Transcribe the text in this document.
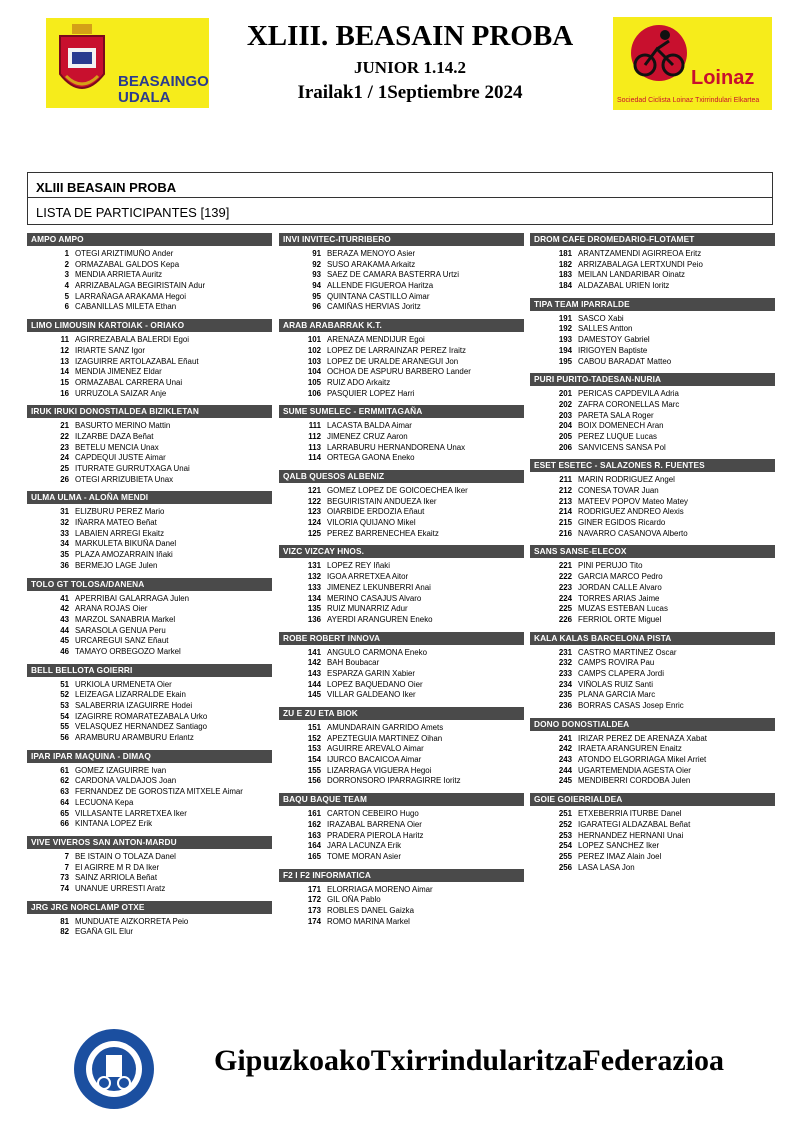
BEASAINGO
UDALA
XLIII. BEASAIN PROBA
JUNIOR 1.14.2
Irailak1 / 1Septiembre 2024
Loinaz
Sociedad Ciclista Loinaz Txirrindulari Elkartea
XLIII BEASAIN PROBA
LISTA DE PARTICIPANTES [139]
AMPO AMPO
1 OTEGI ARIZTIMUÑO Ander
2 ORMAZABAL GALDOS Kepa
3 MENDIA ARRIETA Auritz
4 ARRIZABALAGA BEGIRISTAIN Adur
5 LARRAÑAGA ARAKAMA Hegoi
6 CABANILLAS MILETA Ethan
LIMO LIMOUSIN KARTOIAK - ORIAKO
11 AGIRREZABALA BALERDI Egoi
12 IRIARTE SANZ Igor
13 IZAGUIRRE ARTOLAZABAL Eñaut
14 MENDIA JIMENEZ Eldar
15 ORMAZABAL CARRERA Unai
16 URRUZOLA SAIZAR Anje
IRUK IRUKI DONOSTIALDEA BIZIKLETAN
21 BASURTO MERINO Mattin
22 ILZARBE DAZA Beñat
23 BETELU MENCIA Unax
24 CAPDEQUI JUSTE Aimar
25 ITURRATE GURRUTXAGA Unai
26 OTEGI ARRIZUBIETA Unax
ULMA ULMA - ALOÑA MENDI
31 ELIZBURU PEREZ Mario
32 IÑARRA MATEO Beñat
33 LABAIEN ARREGI Ekaitz
34 MARKULETA BIKUÑA Danel
35 PLAZA AMOZARRAIN Iñaki
36 BERMEJO LAGE Julen
TOLO GT TOLOSA/DANENA
41 APERRIBAI GALARRAGA Julen
42 ARANA ROJAS Oier
43 MARZOL SANABRIA Markel
44 SARASOLA GENUA Peru
45 URCAREGUI SANZ Eñaut
46 TAMAYO ORBEGOZO Markel
BELL BELLOTA GOIERRI
51 URKIOLA URMENETA Oier
52 LEIZEAGA LIZARRALDE Ekain
53 SALABERRIA IZAGUIRRE Hodei
54 IZAGIRRE ROMARATEZABALA Urko
55 VELASQUEZ HERNANDEZ Santiago
56 ARAMBURU ARAMBURU Erlantz
IPAR IPAR MAQUINA - DIMAQ
61 GOMEZ IZAGUIRRE Ivan
62 CARDONA VALDAJOS Joan
63 FERNANDEZ DE GOROSTIZA MITXELE Aimar
64 LECUONA Kepa
65 VILLASANTE LARRETXEA Iker
66 KINTANA LOPEZ Erik
VIVE VIVEROS SAN ANTON-MARDU
7 BE ISTAIN O TOLAZA Danel
7 EI AGIRRE M R DA Iker
73 SAINZ ARRIOLA Beñat
74 UNANUE URRESTI Aratz
JRG JRG NORCLAMP OTXE
81 MUNDUATE AIZKORRETA Peio
82 EGAÑA GIL Elur
INVI INVITEC-ITURRIBERO
91 BERAZA MENOYO Asier
92 SUSO ARAKAMA Arkaitz
93 SAEZ DE CAMARA BASTERRA Urtzi
94 ALLENDE FIGUEROA Haritza
95 QUINTANA CASTILLO Aimar
96 CAMIÑAS HERVIAS Joritz
ARAB ARABARRAK K.T.
101 ARENAZA MENDIJUR Egoi
102 LOPEZ DE LARRAINZAR PEREZ Iraitz
103 LOPEZ DE URALDE ARANEGUI Jon
104 OCHOA DE ASPURU BARBERO Lander
105 RUIZ ADO Arkaitz
106 PASQUIER LOPEZ Harri
SUME SUMELEC - ERMMITAGAÑA
111 LACASTA BALDA Aimar
112 JIMENEZ CRUZ Aaron
113 LARRABURU HERNANDORENA Unax
114 ORTEGA GAONA Eneko
QALB QUESOS ALBENIZ
121 GOMEZ LOPEZ DE GOICOECHEA Iker
122 BEGUIRISTAIN ANDUEZA Iker
123 OIARBIDE ERDOZIA Eñaut
124 VILORIA QUIJANO Mikel
125 PEREZ BARRENECHEA Ekaitz
VIZC VIZCAY HNOS.
131 LOPEZ REY Iñaki
132 IGOA ARRETXEA Aitor
133 JIMENEZ LEKUNBERRI Anai
134 MERINO CASAJUS Alvaro
135 RUIZ MUNARRIZ Adur
136 AYERDI ARANGUREN Eneko
ROBE ROBERT INNOVA
141 ANGULO CARMONA Eneko
142 BAH Boubacar
143 ESPARZA GARIN Xabier
144 LOPEZ BAQUEDANO Oier
145 VILLAR GALDEANO Iker
ZU E ZU ETA BIOK
151 AMUNDARAIN GARRIDO Amets
152 APEZTEGUIA MARTINEZ Oihan
153 AGUIRRE AREVALO Aimar
154 IJURCO BACAICOA Aimar
155 LIZARRAGA VIGUERA Hegoi
156 DORRONSORO IPARRAGIRRE Ioritz
BAQU BAQUE TEAM
161 CARTON CEBEIRO Hugo
162 IRAZABAL BARRENA Oier
163 PRADERA PIEROLA Haritz
164 JARA LACUNZA Erik
165 TOME MORAN Asier
F2 I F2 INFORMATICA
171 ELORRIAGA MORENO Aimar
172 GIL OÑA Pablo
173 ROBLES DANEL Gaizka
174 ROMO MARINA Markel
DROM CAFE DROMEDARIO-FLOTAMET
181 ARANTZAMENDI AGIRREOA Eritz
182 ARRIZABALAGA LERTXUNDI Peio
183 MEILAN LANDARIBAR Oinatz
184 ALDAZABAL URIEN Ioritz
TIPA TEAM IPARRALDE
191 SASCO Xabi
192 SALLES Antton
193 DAMESTOY Gabriel
194 IRIGOYEN Baptiste
195 CABOU BARADAT Matteo
PURI PURITO-TADESAN-NURIA
201 PERICAS CAPDEVILA Adria
202 ZAFRA CORONELLAS Marc
203 PARETA SALA Roger
204 BOIX DOMENECH Aran
205 PEREZ LUQUE Lucas
206 SANVICENS SANSA Pol
ESET ESETEC - SALAZONES R. FUENTES
211 MARIN RODRIGUEZ Angel
212 CONESA TOVAR Juan
213 MATEEV POPOV Mateo Matey
214 RODRIGUEZ ANDREO Alexis
215 GINER EGIDOS Ricardo
216 NAVARRO CASANOVA Alberto
SANS SANSE-ELECOX
221 PINI PERUJO Tito
222 GARCIA MARCO Pedro
223 JORDAN CALLE Alvaro
224 TORRES ARIAS Jaime
225 MUZAS ESTEBAN Lucas
226 FERRIOL ORTE Miguel
KALA KALAS BARCELONA PISTA
231 CASTRO MARTINEZ Oscar
232 CAMPS ROVIRA Pau
233 CAMPS CLAPERA Jordi
234 VIÑOLAS RUIZ Santi
235 PLANA GARCIA Marc
236 BORRAS CASAS Josep Enric
DONO DONOSTIALDEA
241 IRIZAR PEREZ DE ARENAZA Xabat
242 IRAETA ARANGUREN Enaitz
243 ATONDO ELGORRIAGA Mikel Arriet
244 UGARTEMENDIA AGESTA Oier
245 MENDIBERRI CORDOBA Julen
GOIE GOIERRIALDEA
251 ETXEBERRIA ITURBE Danel
252 IGARATEGI ALDAZABAL Beñat
253 HERNANDEZ HERNANI Unai
254 LOPEZ SANCHEZ Iker
255 PEREZ IMAZ Alain Joel
256 LASA LASA Jon
GipuzkoakoTxirrindularitzaFederazioa
